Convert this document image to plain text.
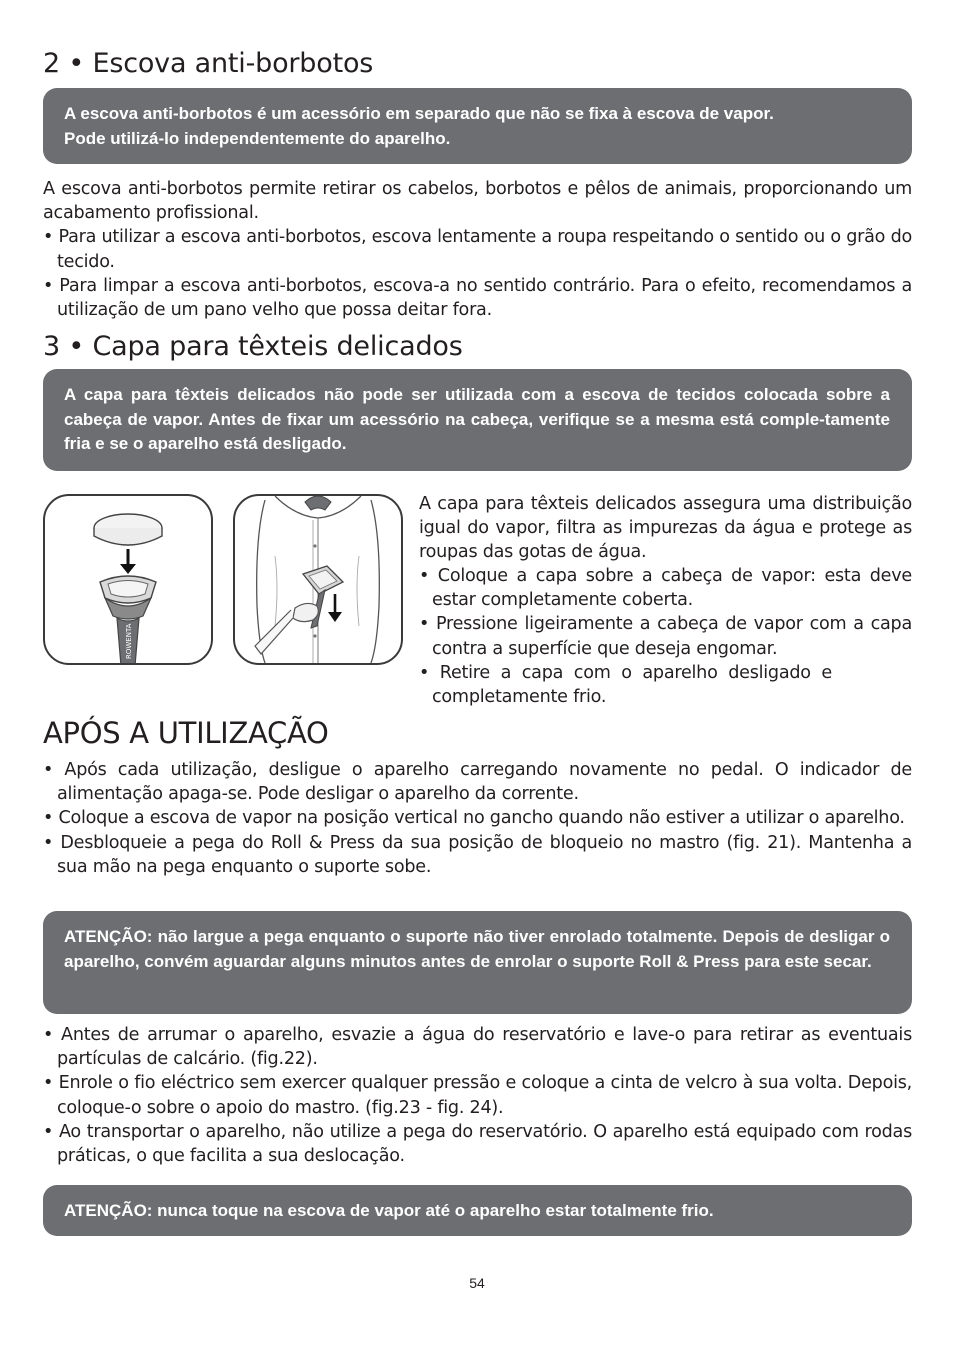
2 • Escova anti-borbotos

A escova anti-borbotos é um acessório em separado que não se fixa à escova de vapor.

Pode utilizá-lo independentemente do aparelho.

A escova anti-borbotos permite retirar os cabelos, borbotos e pêlos de animais, proporcionando um acabamento profissional.

• Para utilizar a escova anti-borbotos, escova lentamente a roupa respeitando o sentido ou o grão do tecido.

• Para limpar a escova anti-borbotos, escova-a no sentido contrário. Para o efeito, recomendamos a utilização de um pano velho que possa deitar fora.

3 • Capa para têxteis delicados

A capa para têxteis delicados não pode ser utilizada com a escova de tecidos colocada sobre a cabeça de vapor. Antes de fixar um acessório na cabeça, verifique se a mesma está comple-tamente fria e se o aparelho está desligado.

ROWENTA

A capa para têxteis delicados assegura uma distribuição igual do vapor, filtra as impurezas da água e protege as roupas das gotas de água.

• Coloque a capa sobre a cabeça de vapor: esta deve estar completamente coberta.

• Pressione ligeiramente a cabeça de vapor com a capa contra a superfície que deseja engomar.

• Retire a capa com o aparelho desligado e completamente frio.

APÓS A UTILIZAÇÃO

• Após cada utilização, desligue o aparelho carregando novamente no pedal. O indicador de alimentação apaga-se. Pode desligar o aparelho da corrente.

• Coloque a escova de vapor na posição vertical no gancho quando não estiver a utilizar o aparelho.

• Desbloqueie a pega do Roll & Press da sua posição de bloqueio no mastro (fig. 21). Mantenha a sua mão na pega enquanto o suporte sobe.

ATENÇÃO: não largue a pega enquanto o suporte não tiver enrolado totalmente. Depois de desligar o aparelho, convém aguardar alguns minutos antes de enrolar o suporte Roll & Press para este secar.

• Antes de arrumar o aparelho, esvazie a água do reservatório e lave-o para retirar as eventuais partículas de calcário. (fig.22).

• Enrole o fio eléctrico sem exercer qualquer pressão e coloque a cinta de velcro à sua volta. Depois, coloque-o sobre o apoio do mastro. (fig.23 - fig. 24).

• Ao transportar o aparelho, não utilize a pega do reservatório. O aparelho está equipado com rodas práticas, o que facilita a sua deslocação.

ATENÇÃO: nunca toque na escova de vapor até o aparelho estar totalmente frio.

54
